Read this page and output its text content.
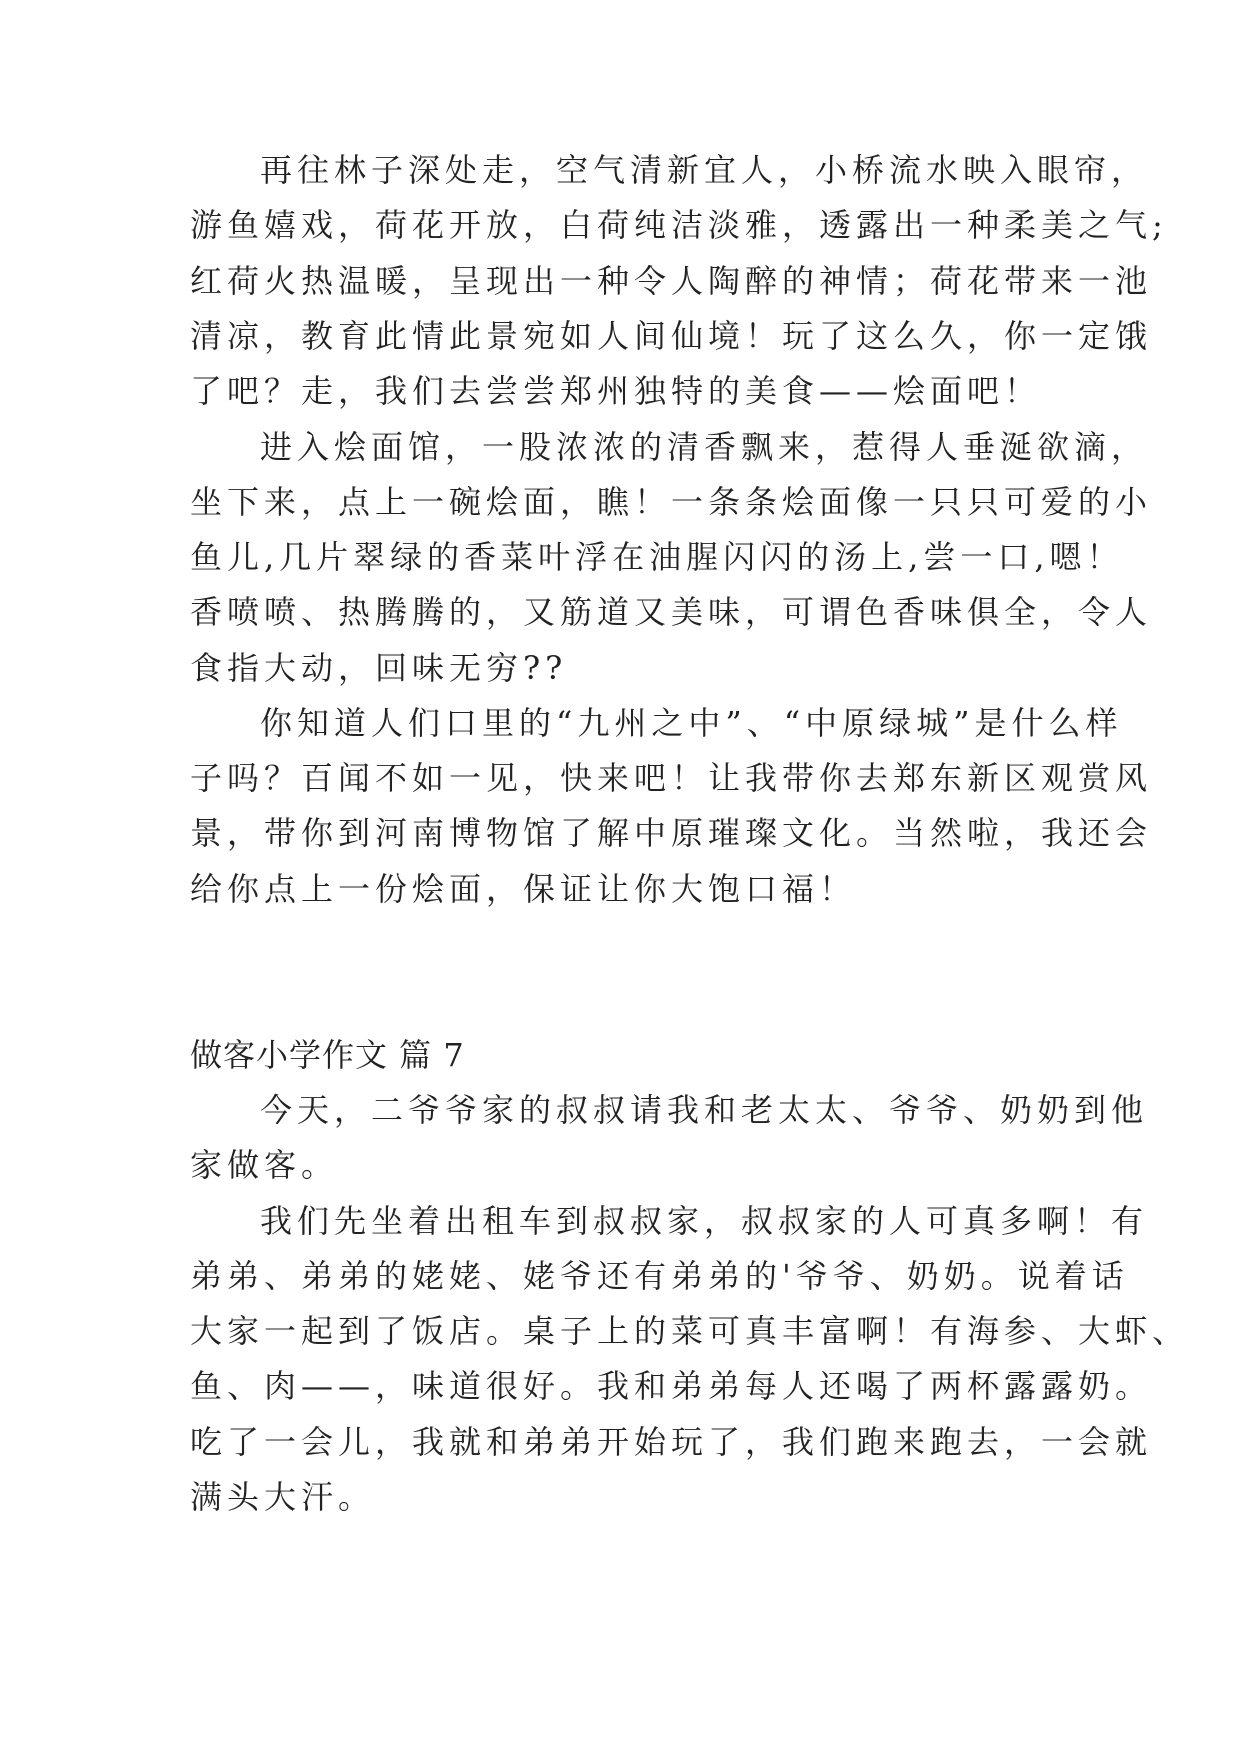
再往林子深处走，空气清新宜人，小桥流水映入眼帘，

游鱼嬉戏，荷花开放，白荷纯洁淡雅，透露出一种柔美之气;

红荷火热温暖，呈现出一种令人陶醉的神情；荷花带来一池

清凉，教育此情此景宛如人间仙境！玩了这么久，你一定饿

了吧？走，我们去尝尝郑州独特的美食——烩面吧！

进入烩面馆，一股浓浓的清香飘来，惹得人垂涎欲滴，

坐下来，点上一碗烩面，瞧！一条条烩面像一只只可爱的小

鱼儿,几片翠绿的香菜叶浮在油腥闪闪的汤上,尝一口,嗯！

香喷喷、热腾腾的，又筋道又美味，可谓色香味俱全，令人

食指大动，回味无穷??

你知道人们口里的“九州之中”、“中原绿城”是什么样

子吗？百闻不如一见，快来吧！让我带你去郑东新区观赏风

景，带你到河南博物馆了解中原璀璨文化。当然啦，我还会

给你点上一份烩面，保证让你大饱口福！

做客小学作文 篇 7

今天，二爷爷家的叔叔请我和老太太、爷爷、奶奶到他

家做客。

我们先坐着出租车到叔叔家，叔叔家的人可真多啊！有

弟弟、弟弟的姥姥、姥爷还有弟弟的'爷爷、奶奶。说着话

大家一起到了饭店。桌子上的菜可真丰富啊！有海参、大虾、

鱼、肉——，味道很好。我和弟弟每人还喝了两杯露露奶。

吃了一会儿，我就和弟弟开始玩了，我们跑来跑去，一会就

满头大汗。
